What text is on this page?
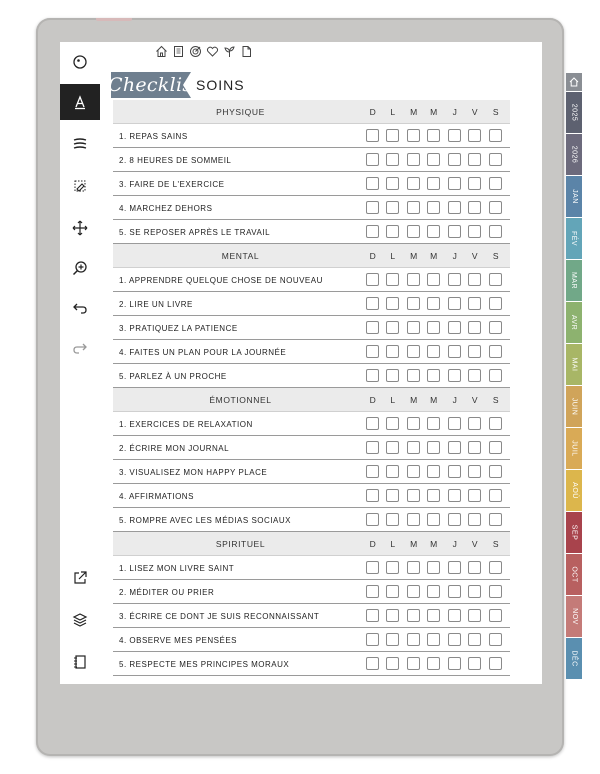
Checklist
SOINS
PHYSIQUE	D	L	M	M	J	V	S
1. REPAS SAINS
2. 8 HEURES DE SOMMEIL
3. FAIRE DE L'EXERCICE
4. MARCHEZ DEHORS
5. SE REPOSER APRÈS LE TRAVAIL
MENTAL	D	L	M	M	J	V	S
1. APPRENDRE QUELQUE CHOSE DE NOUVEAU
2. LIRE UN LIVRE
3. PRATIQUEZ LA PATIENCE
4. FAITES UN PLAN POUR LA JOURNÉE
5. PARLEZ À UN PROCHE
ÉMOTIONNEL	D	L	M	M	J	V	S
1. EXERCICES DE RELAXATION
2. ÉCRIRE MON JOURNAL
3. VISUALISEZ MON HAPPY PLACE
4. AFFIRMATIONS
5. ROMPRE AVEC LES MÉDIAS SOCIAUX
SPIRITUEL	D	L	M	M	J	V	S
1. LISEZ MON LIVRE SAINT
2. MÉDITER OU PRIER
3. ÉCRIRE CE DONT JE SUIS RECONNAISSANT
4. OBSERVE MES PENSÉES
5. RESPECTE MES PRINCIPES MORAUX
2025
2026
JAN
FÉV
MAR
AVR
MAI
JUIN
JUIL
AOÛ
SEP
OCT
NOV
DÉC
